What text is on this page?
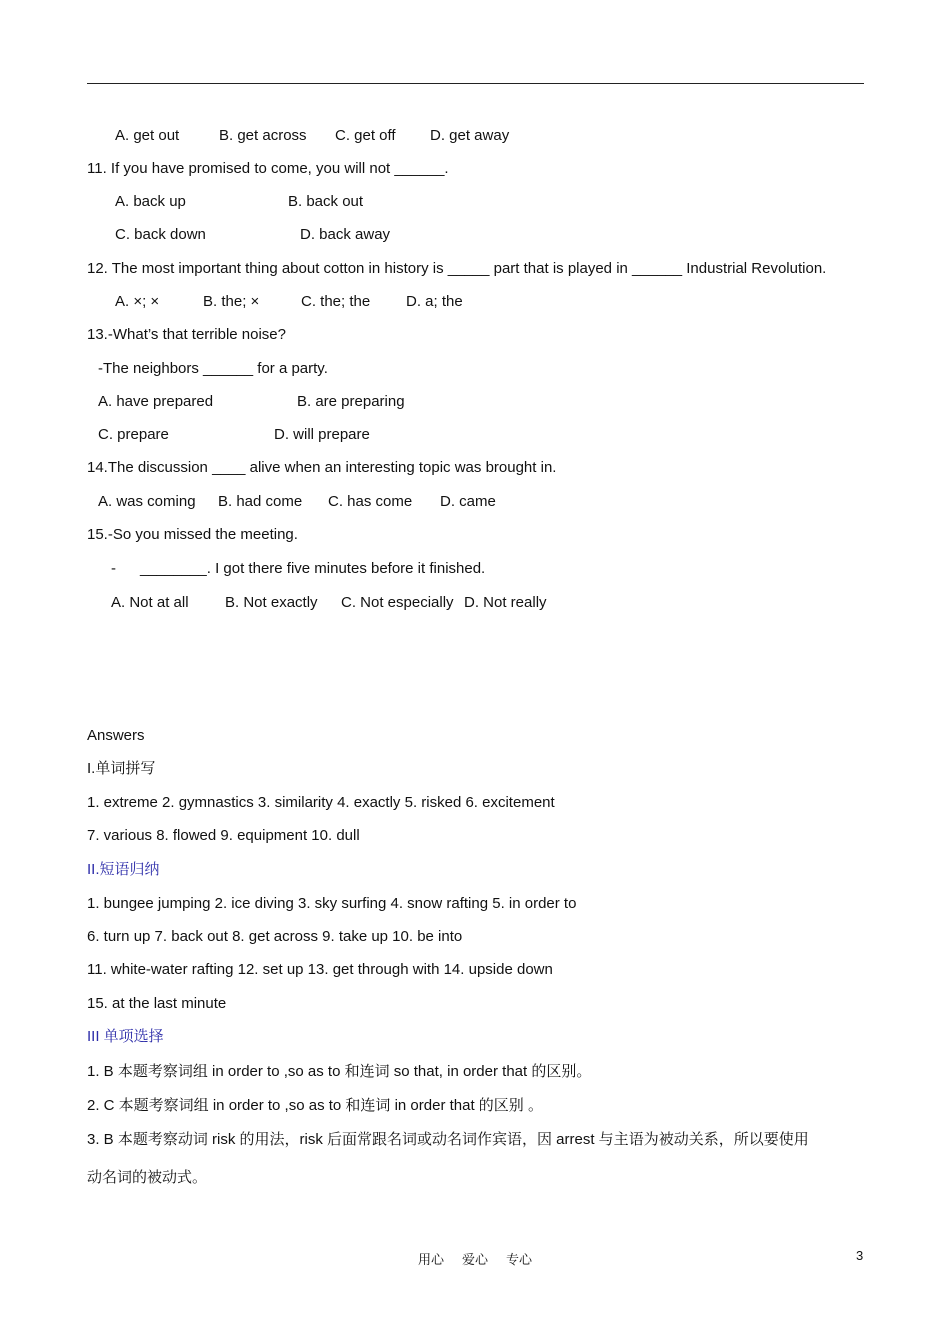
A. get out	B. get across C. get off D. get away
11. If you have promised to come, you will not ______.
A. back up	B. back out
C. back down	D. back away
12. The most important thing about cotton in history is _____ part that is played in ______ Industrial Revolution.
A. ×; ×	B. the; ×	C. the; the D. a; the
13.-What’s that terrible noise?
-The neighbors ______ for a party.
A. have prepared	B. are preparing
C. prepare	D. will prepare
14.The discussion ____ alive when an interesting topic was brought in.
A. was coming B. had come C. has come D. came
15.-So you missed the meeting.
- ________. I got there five minutes before it finished.
A. Not at all B. Not exactly C. Not especially D. Not really
Answers
I.单词拼写
1. extreme 2. gymnastics 3. similarity 4. exactly 5. risked 6. excitement
7. various 8. flowed 9. equipment 10. dull
II.短语归纳
1. bungee jumping 2. ice diving 3. sky surfing 4. snow rafting 5. in order to
6. turn up 7. back out 8. get across 9. take up 10. be into
11. white-water rafting 12. set up 13. get through with 14. upside down
15. at the last minute
III 单项选择
1. B 本题考察词组 in order to ,so as to 和连词 so that, in order that 的区别。
2. C 本题考察词组 in order to ,so as to 和连词 in order that 的区别 。
3. B 本题考察动词 risk 的用法，risk 后面常跟名词或动名词作宾语，因 arrest 与主语为被动关系，所以要使用
动名词的被动式。
用心 爱心 专心	3
